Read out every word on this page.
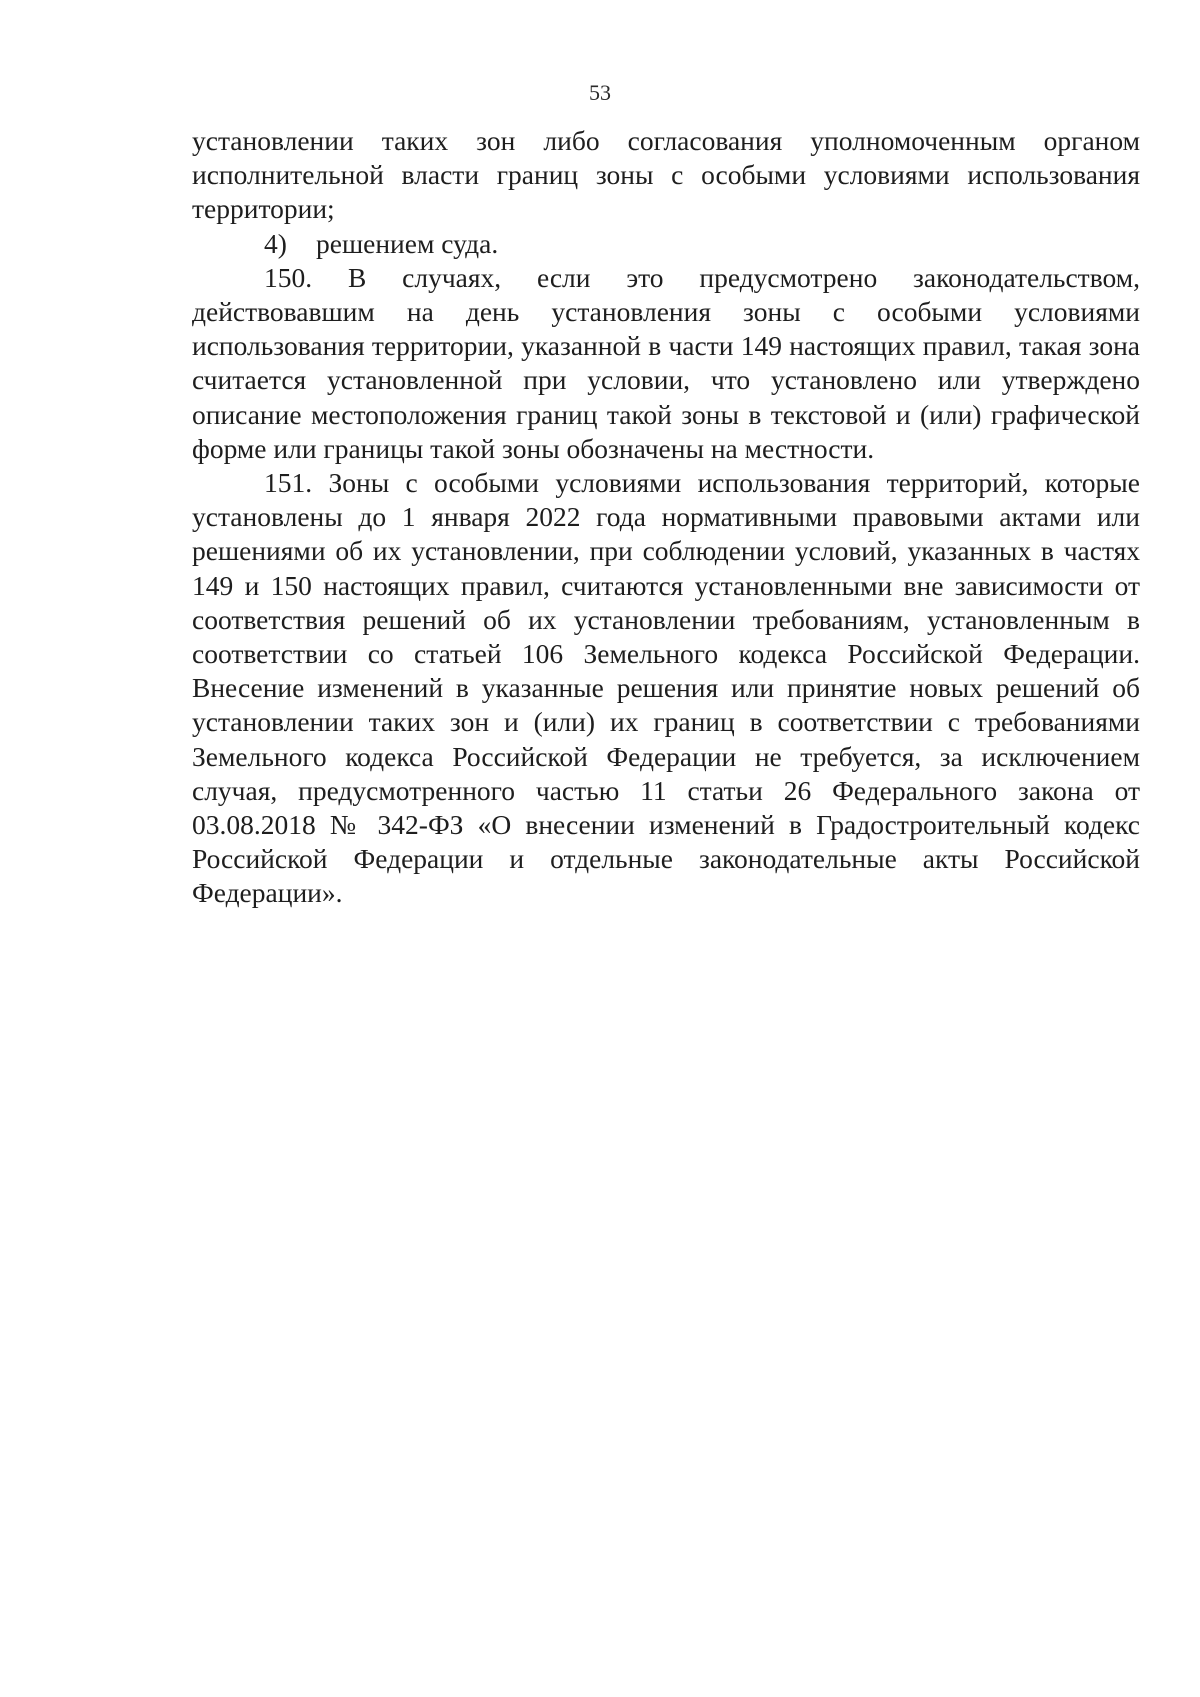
53

установлении таких зон либо согласования уполномоченным органом

исполнительной власти границ зоны с особыми условиями использования

территории;

4) решением суда.

150. В случаях, если это предусмотрено законодательством,

действовавшим на день установления зоны с особыми условиями использования территории, указанной в части 149 настоящих правил, такая зона считается установленной при условии, что установлено или утверждено описание местоположения границ такой зоны в текстовой и (или) графической форме или границы такой зоны обозначены на местности.

151. Зоны с особыми условиями использования территорий, которые установлены до 1 января 2022 года нормативными правовыми актами или решениями об их установлении, при соблюдении условий, указанных в частях 149 и 150 настоящих правил, считаются установленными вне зависимости от соответствия решений об их установлении требованиям, установленным в соответствии со статьей 106 Земельного кодекса Российской Федерации. Внесение изменений в указанные решения или принятие новых решений об установлении таких зон и (или) их границ в соответствии с требованиями Земельного кодекса Российской Федерации не требуется, за исключением случая, предусмотренного частью 11 статьи 26 Федерального закона от 03.08.2018 № 342-ФЗ «О внесении изменений в Градостроительный кодекс Российской Федерации и отдельные законодательные акты Российской Федерации».
